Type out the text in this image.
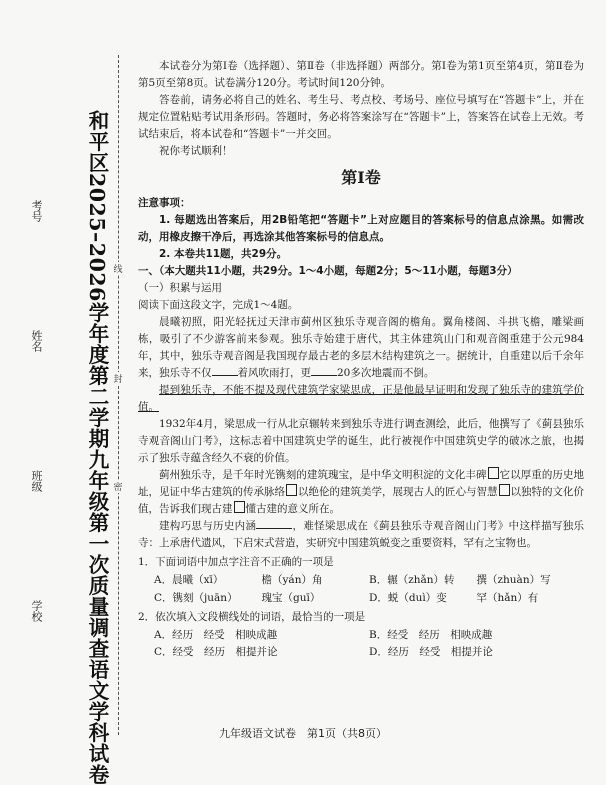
和平区2025–2026学年度第二学期九年级第一次质量调查语文学科试卷 线
封
密
考号
姓名
班级
学校

本试卷分为第Ⅰ卷（选择题）、第Ⅱ卷（非选择题）两部分。第Ⅰ卷为第1页至第4页，第Ⅱ卷为第5页至第8页。试卷满分120分。考试时间120分钟。

答卷前，请务必将自己的姓名、考生号、考点校、考场号、座位号填写在“答题卡”上，并在规定位置粘贴考试用条形码。答题时，务必将答案涂写在“答题卡”上，答案答在试卷上无效。考试结束后，将本试卷和“答题卡”一并交回。

祝你考试顺利！

第Ⅰ卷

注意事项：

1. 每题选出答案后，用2B铅笔把“答题卡”上对应题目的答案标号的信息点涂黑。如需改动，用橡皮擦干净后，再选涂其他答案标号的信息点。

2. 本卷共11题，共29分。

一、（本大题共11小题，共29分。1～4小题，每题2分；5～11小题，每题3分）

（一）积累与运用

阅读下面这段文字，完成1～4题。

晨曦初照，阳光轻抚过天津市蓟州区独乐寺观音阁的檐角。翼角楼阁、斗拱飞檐，雕梁画栋，吸引了不少游客前来参观。独乐寺始建于唐代，其主体建筑山门和观音阁重建于公元984年，其中，独乐寺观音阁是我国现存最古老的多层木结构建筑之一。据统计，自重建以后千余年来，独乐寺不仅 着风吹雨打，更 20多次地震而不倒。

提到独乐寺，不能不提及现代建筑学家梁思成，正是他最早证明和发现了独乐寺的建筑学价值。

1932年4月，梁思成一行从北京辗转来到独乐寺进行调查测绘，此后，他撰写了《蓟县独乐寺观音阁山门考》，这标志着中国建筑史学的诞生，此行被视作中国建筑史学的破冰之旅，也揭示了独乐寺蕴含经久不衰的价值。

蓟州独乐寺，是千年时光镌刻的建筑瑰宝，是中华文明积淀的文化丰碑 它以厚重的历史地址，见证中华古建筑的传承脉络 以绝伦的建筑美学，展现古人的匠心与智慧 以独特的文化价值，告诉我们现古建 懂古建的意义所在。

建构巧思与历史内涵	，难怪梁思成在《蓟县独乐寺观音阁山门考》中这样描写独乐寺：上承唐代遗风，下启宋式营造，实研究中国建筑蜕变之重要资料，罕有之宝物也。

1．下面词语中加点字注音不正确的一项是

A．晨曦（xī）	檐（yán）角	B．辗（zhǎn）转	撰（zhuàn）写
C．镌刻（juān）	瑰宝（guī）	D．蜕（duì）变	罕（hǎn）有

2．依次填入文段横线处的词语，最恰当的一项是

A．经历　经受　相映成趣	B．经受　经历　相映成趣
C．经受　经历　相提并论	D．经历　经受　相提并论
九年级语文试卷　第1页（共8页）
